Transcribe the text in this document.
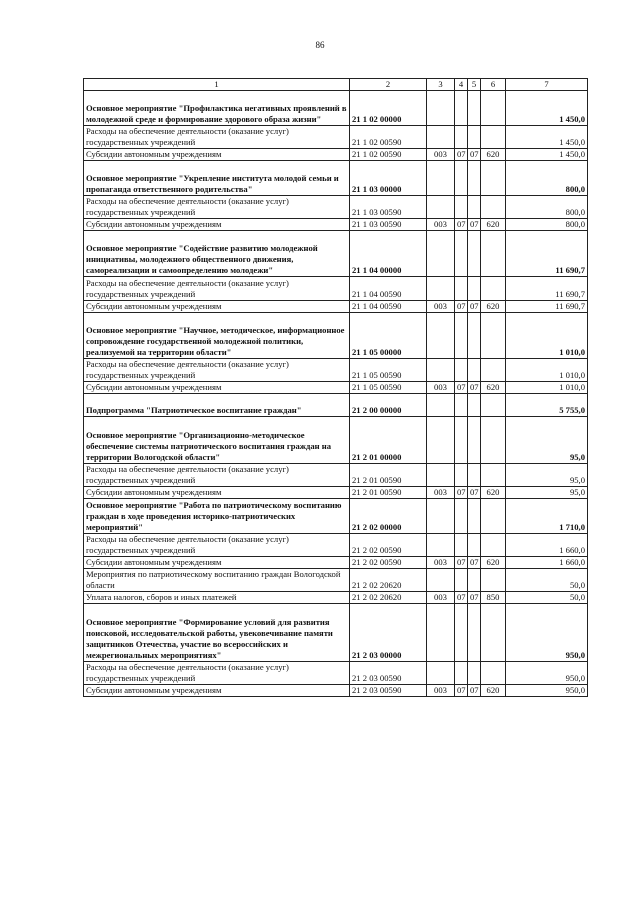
86
1	2	3	4	5	6	7
Основное мероприятие "Профилактика негативных проявлений в молодежной среде и формирование здорового образа жизни"	21 1 02 00000					1 450,0
Расходы на обеспечение деятельности (оказание услуг) государственных учреждений	21 1 02 00590					1 450,0
Субсидии автономным учреждениям	21 1 02 00590	003	07	07	620	1 450,0
Основное мероприятие "Укрепление института молодой семьи и пропаганда ответственного родительства"	21 1 03 00000					800,0
Расходы на обеспечение деятельности (оказание услуг) государственных учреждений	21 1 03 00590					800,0
Субсидии автономным учреждениям	21 1 03 00590	003	07	07	620	800,0
Основное мероприятие "Содействие развитию молодежной инициативы, молодежного общественного движения, самореализации и самоопределению молодежи"	21 1 04 00000					11 690,7
Расходы на обеспечение деятельности (оказание услуг) государственных учреждений	21 1 04 00590					11 690,7
Субсидии автономным учреждениям	21 1 04 00590	003	07	07	620	11 690,7
Основное мероприятие "Научное, методическое, информационное сопровождение государственной молодежной политики, реализуемой на территории области"	21 1 05 00000					1 010,0
Расходы на обеспечение деятельности (оказание услуг) государственных учреждений	21 1 05 00590					1 010,0
Субсидии автономным учреждениям	21 1 05 00590	003	07	07	620	1 010,0
Подпрограмма "Патриотическое воспитание граждан"	21 2 00 00000					5 755,0
Основное мероприятие "Организационно-методическое обеспечение системы патриотического воспитания граждан на территории Вологодской области"	21 2 01 00000					95,0
Расходы на обеспечение деятельности (оказание услуг) государственных учреждений	21 2 01 00590					95,0
Субсидии автономным учреждениям	21 2 01 00590	003	07	07	620	95,0
Основное мероприятие "Работа по патриотическому воспитанию граждан в ходе проведения историко-патриотических мероприятий"	21 2 02 00000					1 710,0
Расходы на обеспечение деятельности (оказание услуг) государственных учреждений	21 2 02 00590					1 660,0
Субсидии автономным учреждениям	21 2 02 00590	003	07	07	620	1 660,0
Мероприятия по патриотическому воспитанию граждан Вологодской области	21 2 02 20620					50,0
Уплата налогов, сборов и иных платежей	21 2 02 20620	003	07	07	850	50,0
Основное мероприятие "Формирование условий для развития поисковой, исследовательской работы, увековечивание памяти защитников Отечества, участие во всероссийских и межрегиональных мероприятиях"	21 2 03 00000					950,0
Расходы на обеспечение деятельности (оказание услуг) государственных учреждений	21 2 03 00590					950,0
Субсидии автономным учреждениям	21 2 03 00590	003	07	07	620	950,0
